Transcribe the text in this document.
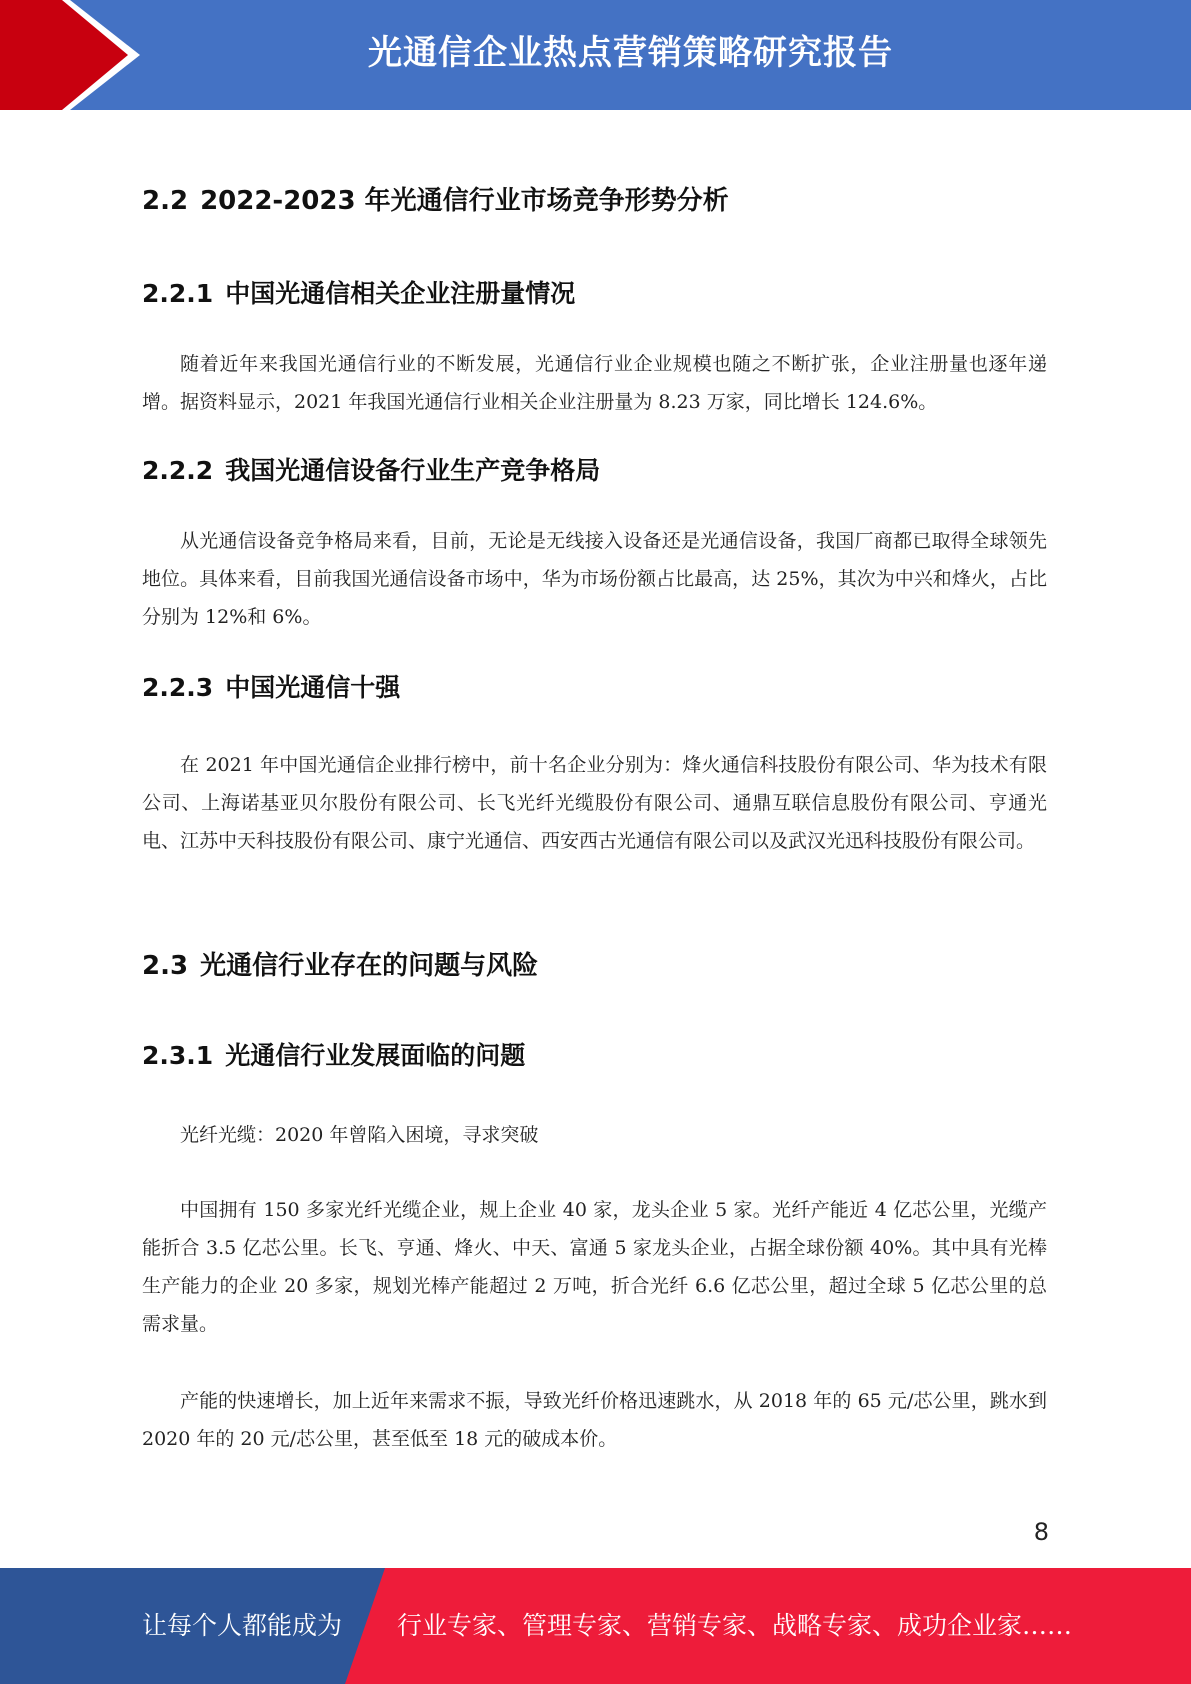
光通信企业热点营销策略研究报告
2.2 2022-2023 年光通信行业市场竞争形势分析
2.2.1 中国光通信相关企业注册量情况

随着近年来我国光通信行业的不断发展，光通信行业企业规模也随之不断扩张，企业注册量也逐年递增。据资料显示，2021 年我国光通信行业相关企业注册量为 8.23 万家，同比增长 124.6%。

2.2.2 我国光通信设备行业生产竞争格局

从光通信设备竞争格局来看，目前，无论是无线接入设备还是光通信设备，我国厂商都已取得全球领先地位。具体来看，目前我国光通信设备市场中，华为市场份额占比最高，达 25%，其次为中兴和烽火，占比分别为 12%和 6%。

2.2.3 中国光通信十强

在 2021 年中国光通信企业排行榜中，前十名企业分别为：烽火通信科技股份有限公司、华为技术有限公司、上海诺基亚贝尔股份有限公司、长飞光纤光缆股份有限公司、通鼎互联信息股份有限公司、亨通光电、江苏中天科技股份有限公司、康宁光通信、西安西古光通信有限公司以及武汉光迅科技股份有限公司。

2.3 光通信行业存在的问题与风险
2.3.1 光通信行业发展面临的问题

光纤光缆：2020 年曾陷入困境，寻求突破

中国拥有 150 多家光纤光缆企业，规上企业 40 家，龙头企业 5 家。光纤产能近 4 亿芯公里，光缆产能折合 3.5 亿芯公里。长飞、亨通、烽火、中天、富通 5 家龙头企业，占据全球份额 40%。其中具有光棒生产能力的企业 20 多家，规划光棒产能超过 2 万吨，折合光纤 6.6 亿芯公里，超过全球 5 亿芯公里的总需求量。

产能的快速增长，加上近年来需求不振，导致光纤价格迅速跳水，从 2018 年的 65 元/芯公里，跳水到 2020 年的 20 元/芯公里，甚至低至 18 元的破成本价。

8
让每个人都能成为 行业专家、管理专家、营销专家、战略专家、成功企业家……
